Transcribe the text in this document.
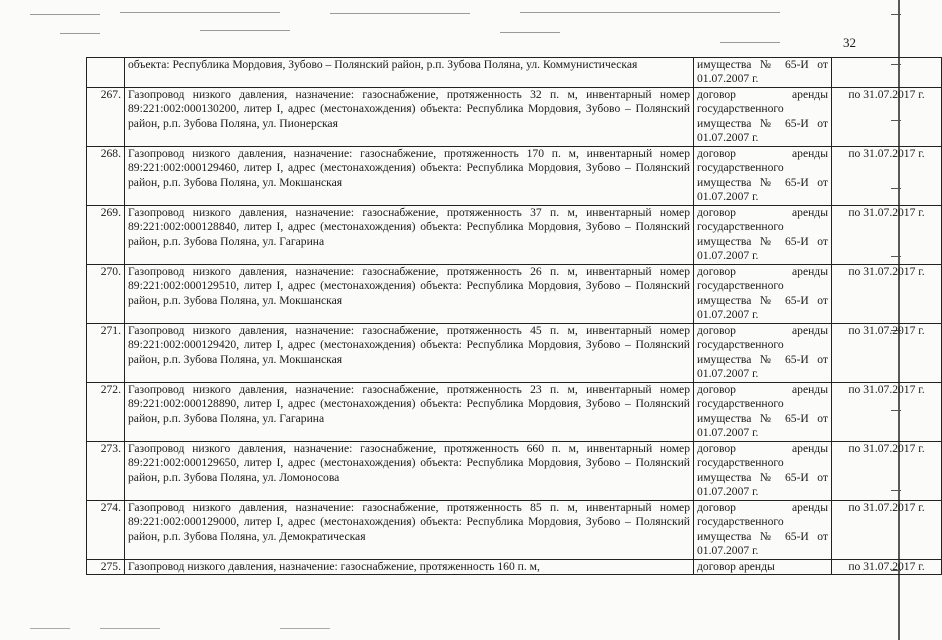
32
	объекта: Республика Мордовия, Зубово – Полянский район, р.п. Зубова Поляна, ул. Коммунистическая	имущества № 65-И от 01.07.2007 г.	
267.	Газопровод низкого давления, назначение: газоснабжение, протяженность 32 п. м, инвентарный номер 89:221:002:000130200, литер I, адрес (местонахождения) объекта: Республика Мордовия, Зубово – Полянский район, р.п. Зубова Поляна, ул. Пионерская	договор аренды государственного имущества № 65-И от 01.07.2007 г.	по 31.07.2017 г.
268.	Газопровод низкого давления, назначение: газоснабжение, протяженность 170 п. м, инвентарный номер 89:221:002:000129460, литер I, адрес (местонахождения) объекта: Республика Мордовия, Зубово – Полянский район, р.п. Зубова Поляна, ул. Мокшанская	договор аренды государственного имущества № 65-И от 01.07.2007 г.	по 31.07.2017 г.
269.	Газопровод низкого давления, назначение: газоснабжение, протяженность 37 п. м, инвентарный номер 89:221:002:000128840, литер I, адрес (местонахождения) объекта: Республика Мордовия, Зубово – Полянский район, р.п. Зубова Поляна, ул. Гагарина	договор аренды государственного имущества № 65-И от 01.07.2007 г.	по 31.07.2017 г.
270.	Газопровод низкого давления, назначение: газоснабжение, протяженность 26 п. м, инвентарный номер 89:221:002:000129510, литер I, адрес (местонахождения) объекта: Республика Мордовия, Зубово – Полянский район, р.п. Зубова Поляна, ул. Мокшанская	договор аренды государственного имущества № 65-И от 01.07.2007 г.	по 31.07.2017 г.
271.	Газопровод низкого давления, назначение: газоснабжение, протяженность 45 п. м, инвентарный номер 89:221:002:000129420, литер I, адрес (местонахождения) объекта: Республика Мордовия, Зубово – Полянский район, р.п. Зубова Поляна, ул. Мокшанская	договор аренды государственного имущества № 65-И от 01.07.2007 г.	по 31.07.2017 г.
272.	Газопровод низкого давления, назначение: газоснабжение, протяженность 23 п. м, инвентарный номер 89:221:002:000128890, литер I, адрес (местонахождения) объекта: Республика Мордовия, Зубово – Полянский район, р.п. Зубова Поляна, ул. Гагарина	договор аренды государственного имущества № 65-И от 01.07.2007 г.	по 31.07.2017 г.
273.	Газопровод низкого давления, назначение: газоснабжение, протяженность 660 п. м, инвентарный номер 89:221:002:000129650, литер I, адрес (местонахождения) объекта: Республика Мордовия, Зубово – Полянский район, р.п. Зубова Поляна, ул. Ломоносова	договор аренды государственного имущества № 65-И от 01.07.2007 г.	по 31.07.2017 г.
274.	Газопровод низкого давления, назначение: газоснабжение, протяженность 85 п. м, инвентарный номер 89:221:002:000129000, литер I, адрес (местонахождения) объекта: Республика Мордовия, Зубово – Полянский район, р.п. Зубова Поляна, ул. Демократическая	договор аренды государственного имущества № 65-И от 01.07.2007 г.	по 31.07.2017 г.
275.	Газопровод низкого давления, назначение: газоснабжение, протяженность 160 п. м,	договор аренды	по 31.07.2017 г.
